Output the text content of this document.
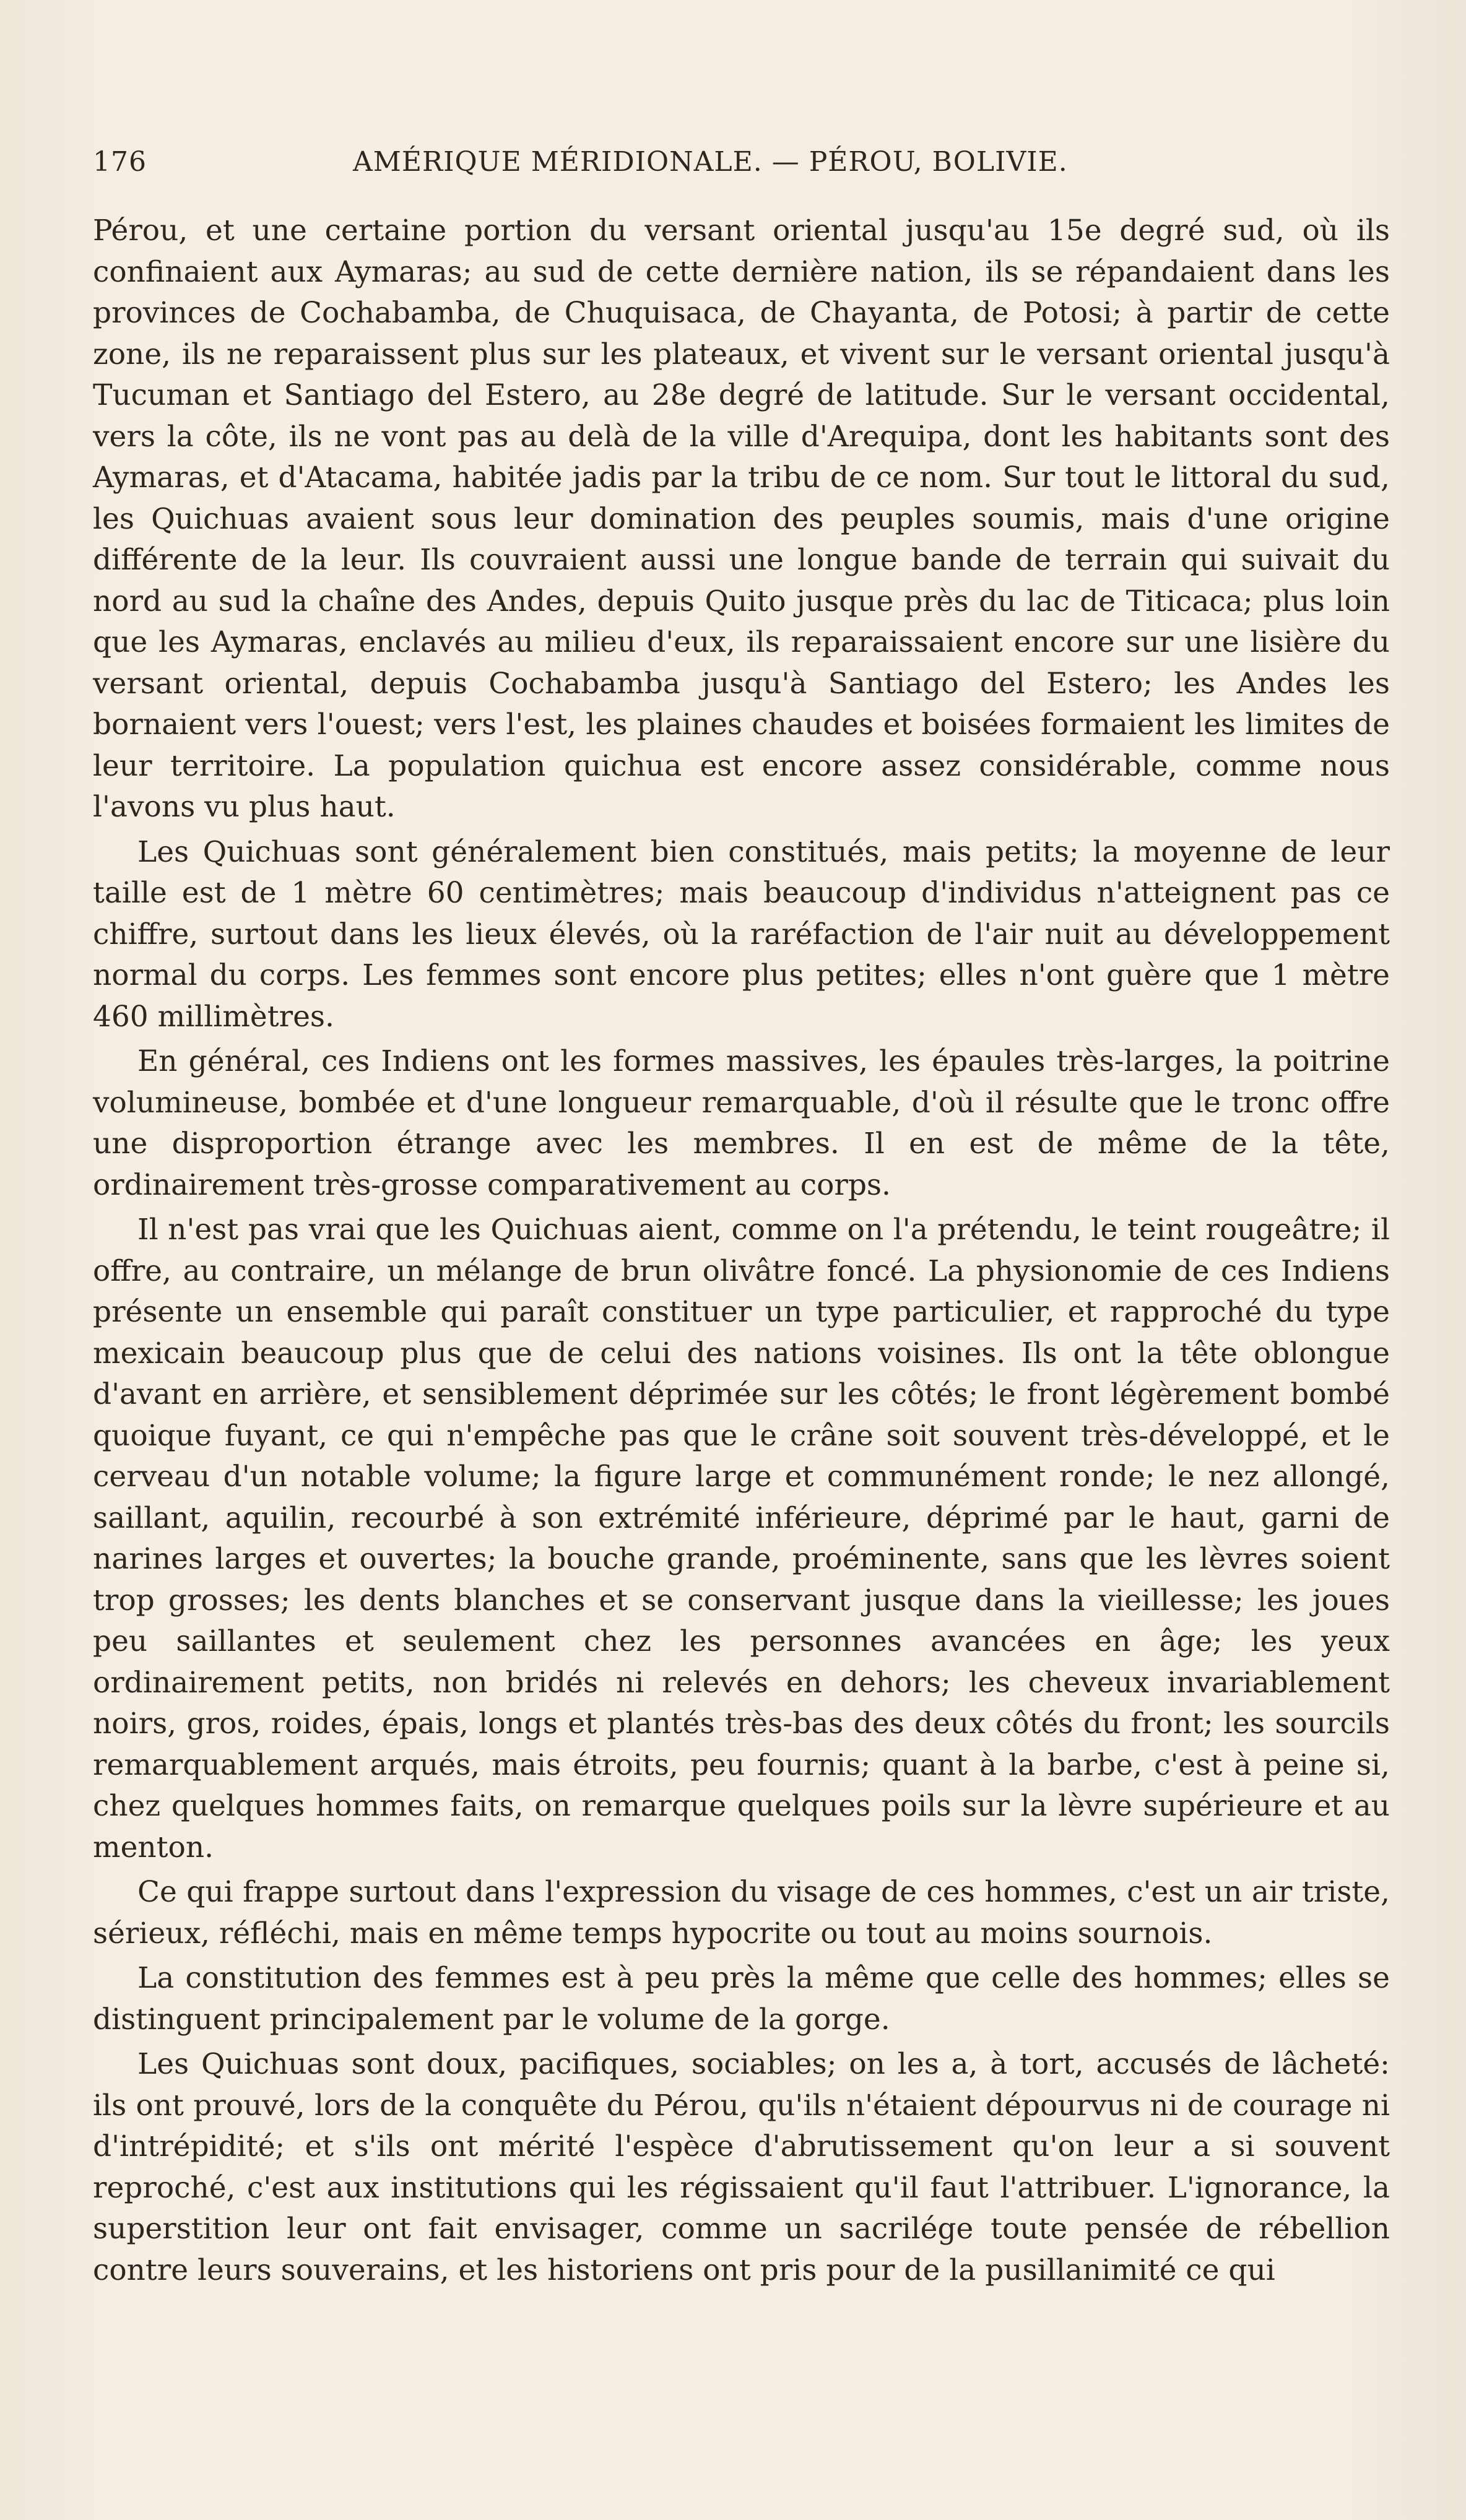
176	AMÉRIQUE MÉRIDIONALE. — PÉROU, BOLIVIE.

Pérou, et une certaine portion du versant oriental jusqu'au 15e degré sud, où ils confinaient aux Aymaras; au sud de cette dernière nation, ils se répandaient dans les provinces de Cochabamba, de Chuquisaca, de Chayanta, de Potosi; à partir de cette zone, ils ne reparaissent plus sur les plateaux, et vivent sur le versant oriental jusqu'à Tucuman et Santiago del Estero, au 28e degré de latitude. Sur le versant occidental, vers la côte, ils ne vont pas au delà de la ville d'Arequipa, dont les habitants sont des Aymaras, et d'Atacama, habitée jadis par la tribu de ce nom. Sur tout le littoral du sud, les Quichuas avaient sous leur domination des peuples soumis, mais d'une origine différente de la leur. Ils couvraient aussi une longue bande de terrain qui suivait du nord au sud la chaîne des Andes, depuis Quito jusque près du lac de Titicaca; plus loin que les Aymaras, enclavés au milieu d'eux, ils reparaissaient encore sur une lisière du versant oriental, depuis Cochabamba jusqu'à Santiago del Estero; les Andes les bornaient vers l'ouest; vers l'est, les plaines chaudes et boisées formaient les limites de leur territoire. La population quichua est encore assez considérable, comme nous l'avons vu plus haut.

Les Quichuas sont généralement bien constitués, mais petits; la moyenne de leur taille est de 1 mètre 60 centimètres; mais beaucoup d'individus n'atteignent pas ce chiffre, surtout dans les lieux élevés, où la raréfaction de l'air nuit au développement normal du corps. Les femmes sont encore plus petites; elles n'ont guère que 1 mètre 460 millimètres.

En général, ces Indiens ont les formes massives, les épaules très-larges, la poitrine volumineuse, bombée et d'une longueur remarquable, d'où il résulte que le tronc offre une disproportion étrange avec les membres. Il en est de même de la tête, ordinairement très-grosse comparativement au corps.

Il n'est pas vrai que les Quichuas aient, comme on l'a prétendu, le teint rougeâtre; il offre, au contraire, un mélange de brun olivâtre foncé. La physionomie de ces Indiens présente un ensemble qui paraît constituer un type particulier, et rapproché du type mexicain beaucoup plus que de celui des nations voisines. Ils ont la tête oblongue d'avant en arrière, et sensiblement déprimée sur les côtés; le front légèrement bombé quoique fuyant, ce qui n'empêche pas que le crâne soit souvent très-développé, et le cerveau d'un notable volume; la figure large et communément ronde; le nez allongé, saillant, aquilin, recourbé à son extrémité inférieure, déprimé par le haut, garni de narines larges et ouvertes; la bouche grande, proéminente, sans que les lèvres soient trop grosses; les dents blanches et se conservant jusque dans la vieillesse; les joues peu saillantes et seulement chez les personnes avancées en âge; les yeux ordinairement petits, non bridés ni relevés en dehors; les cheveux invariablement noirs, gros, roides, épais, longs et plantés très-bas des deux côtés du front; les sourcils remarquablement arqués, mais étroits, peu fournis; quant à la barbe, c'est à peine si, chez quelques hommes faits, on remarque quelques poils sur la lèvre supérieure et au menton.

Ce qui frappe surtout dans l'expression du visage de ces hommes, c'est un air triste, sérieux, réfléchi, mais en même temps hypocrite ou tout au moins sournois.

La constitution des femmes est à peu près la même que celle des hommes; elles se distinguent principalement par le volume de la gorge.

Les Quichuas sont doux, pacifiques, sociables; on les a, à tort, accusés de lâcheté: ils ont prouvé, lors de la conquête du Pérou, qu'ils n'étaient dépourvus ni de courage ni d'intrépidité; et s'ils ont mérité l'espèce d'abrutissement qu'on leur a si souvent reproché, c'est aux institutions qui les régissaient qu'il faut l'attribuer. L'ignorance, la superstition leur ont fait envisager, comme un sacrilége toute pensée de rébellion contre leurs souverains, et les historiens ont pris pour de la pusillanimité ce qui
